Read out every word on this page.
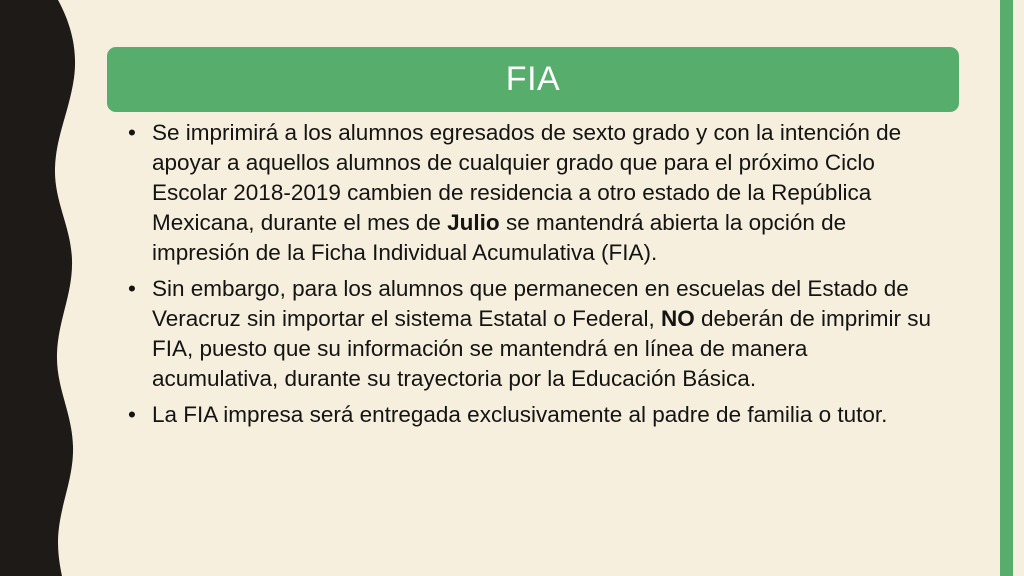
FIA
• Se imprimirá a los alumnos egresados de sexto grado y con la intención de apoyar a aquellos alumnos de cualquier grado que para el próximo Ciclo Escolar 2018-2019 cambien de residencia a otro estado de la República Mexicana, durante el mes de Julio se mantendrá abierta la opción de impresión de la Ficha Individual Acumulativa (FIA).
• Sin embargo, para los alumnos que permanecen en escuelas del Estado de Veracruz sin importar el sistema Estatal o Federal, NO deberán de imprimir su FIA, puesto que su información se mantendrá en línea de manera acumulativa, durante su trayectoria por la Educación Básica.
• La FIA impresa será entregada exclusivamente al padre de familia o tutor.
